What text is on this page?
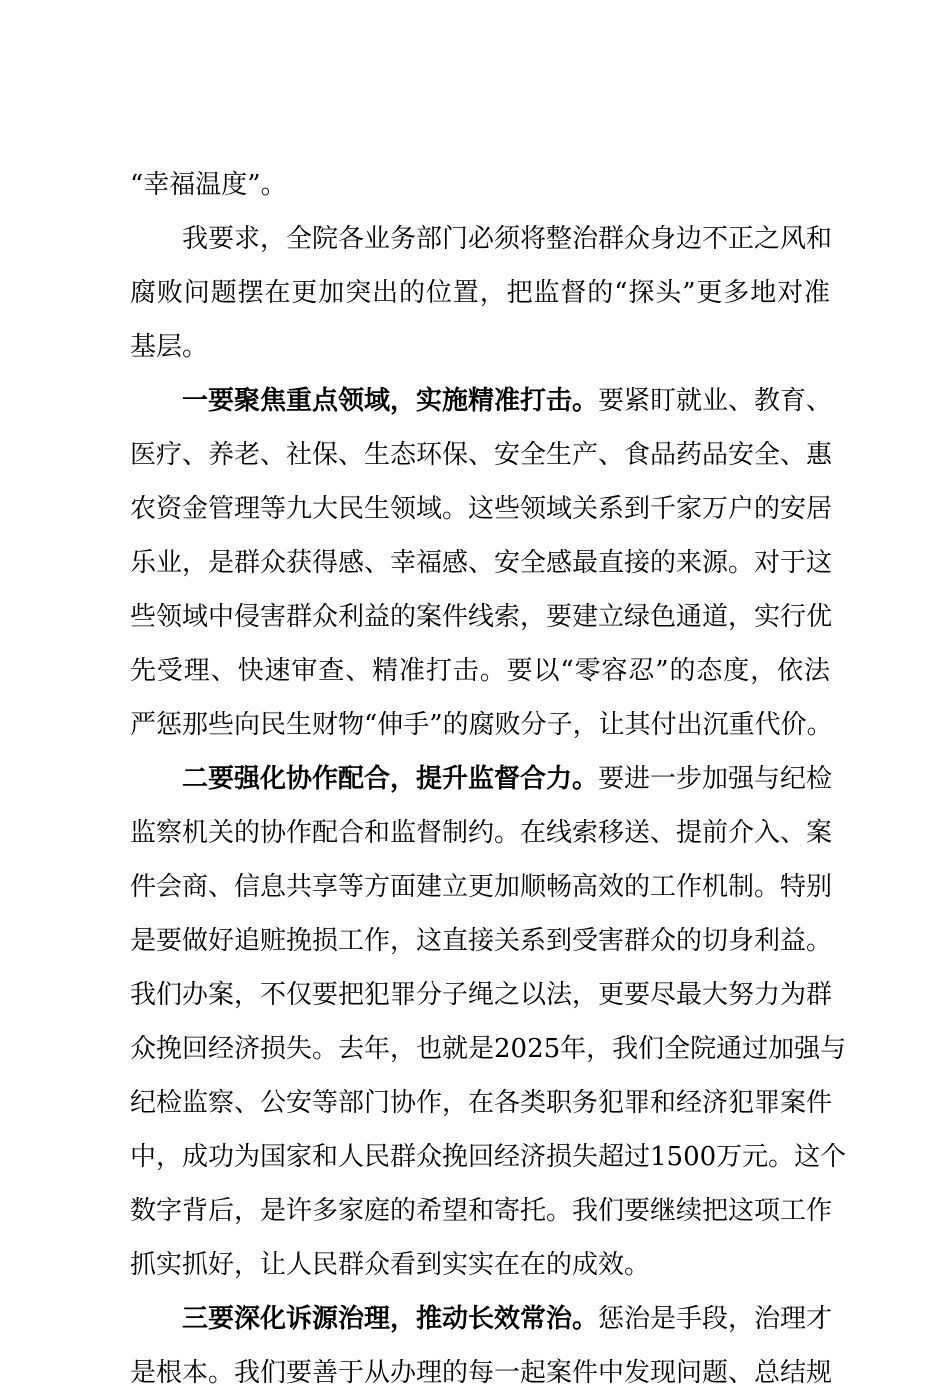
“幸福温度”。
我要求，全院各业务部门必须将整治群众身边不正之风和
腐败问题摆在更加突出的位置，把监督的“探头”更多地对准
基层。
一要聚焦重点领域，实施精准打击。要紧盯就业、教育、
医疗、养老、社保、生态环保、安全生产、食品药品安全、惠
农资金管理等九大民生领域。这些领域关系到千家万户的安居
乐业，是群众获得感、幸福感、安全感最直接的来源。对于这
些领域中侵害群众利益的案件线索，要建立绿色通道，实行优
先受理、快速审查、精准打击。要以“零容忍”的态度，依法
严惩那些向民生财物“伸手”的腐败分子，让其付出沉重代价。
二要强化协作配合，提升监督合力。要进一步加强与纪检
监察机关的协作配合和监督制约。在线索移送、提前介入、案
件会商、信息共享等方面建立更加顺畅高效的工作机制。特别
是要做好追赃挽损工作，这直接关系到受害群众的切身利益。
我们办案，不仅要把犯罪分子绳之以法，更要尽最大努力为群
众挽回经济损失。去年，也就是2025年，我们全院通过加强与
纪检监察、公安等部门协作，在各类职务犯罪和经济犯罪案件
中，成功为国家和人民群众挽回经济损失超过1500万元。这个
数字背后，是许多家庭的希望和寄托。我们要继续把这项工作
抓实抓好，让人民群众看到实实在在的成效。
三要深化诉源治理，推动长效常治。惩治是手段，治理才
是根本。我们要善于从办理的每一起案件中发现问题、总结规
